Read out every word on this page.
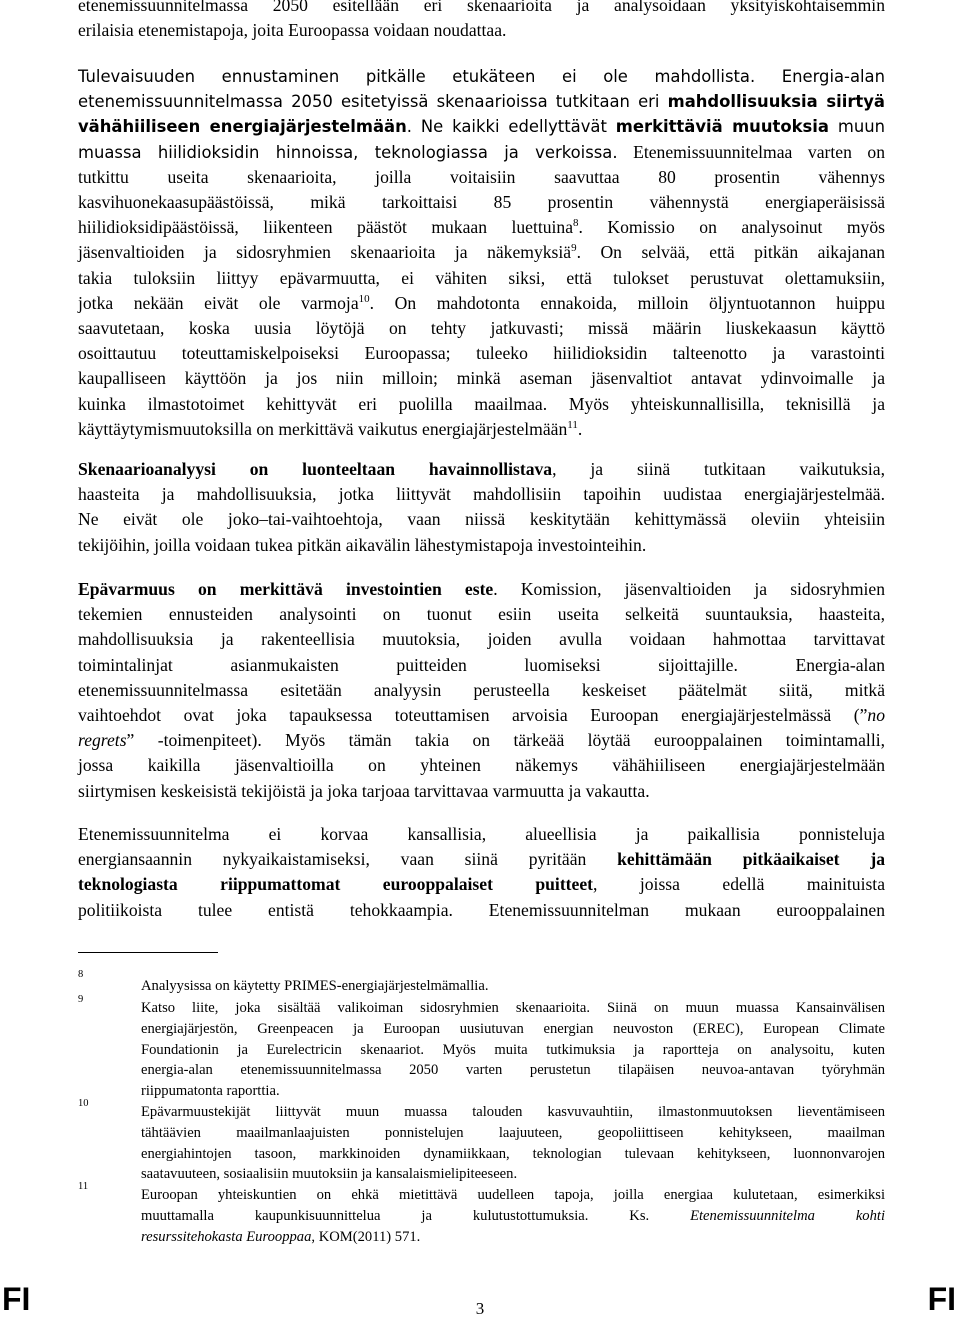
etenemissuunnitelmassa 2050 esitellään eri skenaarioita ja analysoidaan yksityiskohtaisemmin
erilaisia etenemistapoja, joita Euroopassa voidaan noudattaa.
Tulevaisuuden ennustaminen pitkälle etukäteen ei ole mahdollista. Energia-alan
etenemissuunnitelmassa 2050 esitetyissä skenaarioissa tutkitaan eri mahdollisuuksia siirtyä
vähähiiliseen energiajärjestelmään. Ne kaikki edellyttävät merkittäviä muutoksia muun
muassa hiilidioksidin hinnoissa, teknologiassa ja verkoissa. Etenemissuunnitelmaa varten on
tutkittu useita skenaarioita, joilla voitaisiin saavuttaa 80 prosentin vähennys
kasvihuonekaasupäästöissä, mikä tarkoittaisi 85 prosentin vähennystä energiaperäisissä
hiilidioksidipäästöissä, liikenteen päästöt mukaan luettuina$^8$. Komissio on analysoinut myös
jäsenvaltioiden ja sidosryhmien skenaarioita ja näkemyksiä$^9$. On selvää, että pitkän aikajanan
takia tuloksiin liittyy epävarmuutta, ei vähiten siksi, että tulokset perustuvat olettamuksiin,
jotka nekään eivät ole varmoja$^{10}$. On mahdotonta ennakoida, milloin öljyntuotannon huippu
saavutetaan, koska uusia löytöjä on tehty jatkuvasti; missä määrin liuskekaasun käyttö
osoittautuu toteuttamiskelpoiseksi Euroopassa; tuleeko hiilidioksidin talteenotto ja varastointi
kaupalliseen käyttöön ja jos niin milloin; minkä aseman jäsenvaltiot antavat ydinvoimalle ja
kuinka ilmastotoimet kehittyvät eri puolilla maailmaa. Myös yhteiskunnallisilla, teknisillä ja
käyttäytymismuutoksilla on merkittävä vaikutus energiajärjestelmään$^{11}$.
Skenaarioanalyysi on luonteeltaan havainnollistava, ja siinä tutkitaan vaikutuksia,
haasteita ja mahdollisuuksia, jotka liittyvät mahdollisiin tapoihin uudistaa energiajärjestelmää.
Ne eivät ole joko–tai-vaihtoehtoja, vaan niissä keskitytään kehittymässä oleviin yhteisiin
tekijöihin, joilla voidaan tukea pitkän aikavälin lähestymistapoja investointeihin.
Epävarmuus on merkittävä investointien este. Komission, jäsenvaltioiden ja sidosryhmien
tekemien ennusteiden analysointi on tuonut esiin useita selkeitä suuntauksia, haasteita,
mahdollisuuksia ja rakenteellisia muutoksia, joiden avulla voidaan hahmottaa tarvittavat
toimintalinjat asianmukaisten puitteiden luomiseksi sijoittajille. Energia-alan
etenemissuunnitelmassa esitetään analyysin perusteella keskeiset päätelmät siitä, mitkä
vaihtoehdot ovat joka tapauksessa toteuttamisen arvoisia Euroopan energiajärjestelmässä (”no
regrets” -toimenpiteet). Myös tämän takia on tärkeää löytää eurooppalainen toimintamalli,
jossa kaikilla jäsenvaltioilla on yhteinen näkemys vähähiiliseen energiajärjestelmään
siirtymisen keskeisistä tekijöistä ja joka tarjoaa tarvittavaa varmuutta ja vakautta.
Etenemissuunnitelma ei korvaa kansallisia, alueellisia ja paikallisia ponnisteluja
energiansaannin nykyaikaistamiseksi, vaan siinä pyritään kehittämään pitkäaikaiset ja
teknologiasta riippumattomat eurooppalaiset puitteet, joissa edellä mainituista
politiikoista tulee entistä tehokkaampia. Etenemissuunnitelman mukaan eurooppalainen
8
Analyysissa on käytetty PRIMES-energiajärjestelmämallia.
9
Katso liite, joka sisältää valikoiman sidosryhmien skenaarioita. Siinä on muun muassa Kansainvälisen
energiajärjestön, Greenpeacen ja Euroopan uusiutuvan energian neuvoston (EREC), European Climate
Foundationin ja Eurelectricin skenaariot. Myös muita tutkimuksia ja raportteja on analysoitu, kuten
energia-alan etenemissuunnitelmassa 2050 varten perustetun tilapäisen neuvoa-antavan työryhmän
riippumatonta raporttia.
10
Epävarmuustekijät liittyvät muun muassa talouden kasvuvauhtiin, ilmastonmuutoksen lieventämiseen
tähtäävien maailmanlaajuisten ponnistelujen laajuuteen, geopoliittiseen kehitykseen, maailman
energiahintojen tasoon, markkinoiden dynamiikkaan, teknologian tulevaan kehitykseen, luonnonvarojen
saatavuuteen, sosiaalisiin muutoksiin ja kansalaismielipiteeseen.
11
Euroopan yhteiskuntien on ehkä mietittävä uudelleen tapoja, joilla energiaa kulutetaan, esimerkiksi
muuttamalla kaupunkisuunnittelua ja kulutustottumuksia. Ks. Etenemissuunnitelma kohti
resurssitehokasta Eurooppaa, KOM(2011) 571.
FI	3	FI
